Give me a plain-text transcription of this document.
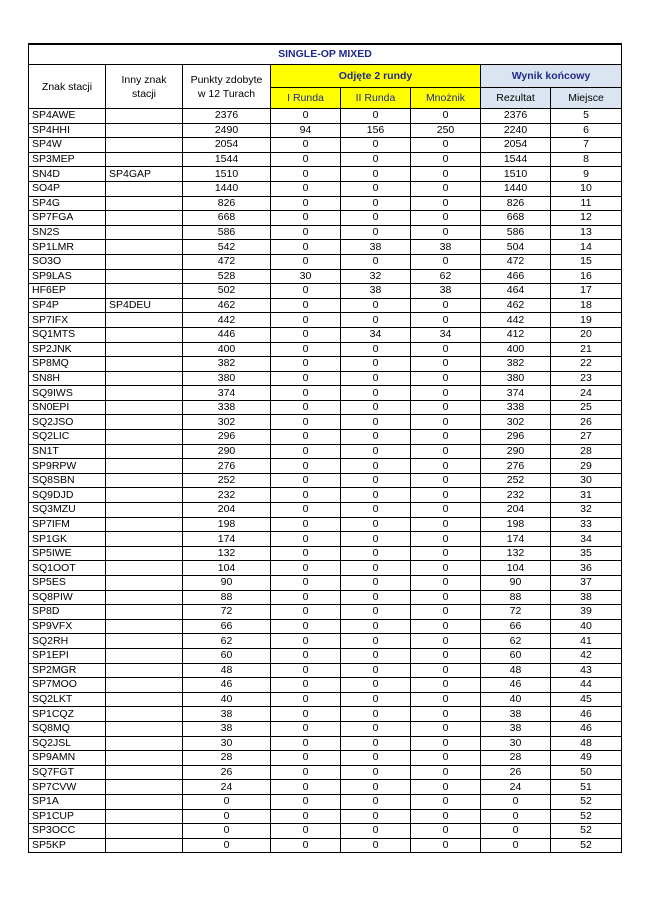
SINGLE-OP MIXED							
Znak stacji	Inny znak stacji	Punkty zdobyte w 12 Turach	Odjęte 2 rundy			Wynik końcowy	
			I Runda	II Runda	Mnożnik	Rezultat	Miejsce
SP4AWE		2376	0	0	0	2376	5
SP4HHI		2490	94	156	250	2240	6
SP4W		2054	0	0	0	2054	7
SP3MEP		1544	0	0	0	1544	8
SN4D	SP4GAP	1510	0	0	0	1510	9
SO4P		1440	0	0	0	1440	10
SP4G		826	0	0	0	826	11
SP7FGA		668	0	0	0	668	12
SN2S		586	0	0	0	586	13
SP1LMR		542	0	38	38	504	14
SO3O		472	0	0	0	472	15
SP9LAS		528	30	32	62	466	16
HF6EP		502	0	38	38	464	17
SP4P	SP4DEU	462	0	0	0	462	18
SP7IFX		442	0	0	0	442	19
SQ1MTS		446	0	34	34	412	20
SP2JNK		400	0	0	0	400	21
SP8MQ		382	0	0	0	382	22
SN8H		380	0	0	0	380	23
SQ9IWS		374	0	0	0	374	24
SN0EPI		338	0	0	0	338	25
SQ2JSO		302	0	0	0	302	26
SQ2LIC		296	0	0	0	296	27
SN1T		290	0	0	0	290	28
SP9RPW		276	0	0	0	276	29
SQ8SBN		252	0	0	0	252	30
SQ9DJD		232	0	0	0	232	31
SQ3MZU		204	0	0	0	204	32
SP7IFM		198	0	0	0	198	33
SP1GK		174	0	0	0	174	34
SP5IWE		132	0	0	0	132	35
SQ1OOT		104	0	0	0	104	36
SP5ES		90	0	0	0	90	37
SQ8PIW		88	0	0	0	88	38
SP8D		72	0	0	0	72	39
SP9VFX		66	0	0	0	66	40
SQ2RH		62	0	0	0	62	41
SP1EPI		60	0	0	0	60	42
SP2MGR		48	0	0	0	48	43
SP7MOO		46	0	0	0	46	44
SQ2LKT		40	0	0	0	40	45
SP1CQZ		38	0	0	0	38	46
SQ8MQ		38	0	0	0	38	46
SQ2JSL		30	0	0	0	30	48
SP9AMN		28	0	0	0	28	49
SQ7FGT		26	0	0	0	26	50
SP7CVW		24	0	0	0	24	51
SP1A		0	0	0	0	0	52
SP1CUP		0	0	0	0	0	52
SP3OCC		0	0	0	0	0	52
SP5KP		0	0	0	0	0	52
